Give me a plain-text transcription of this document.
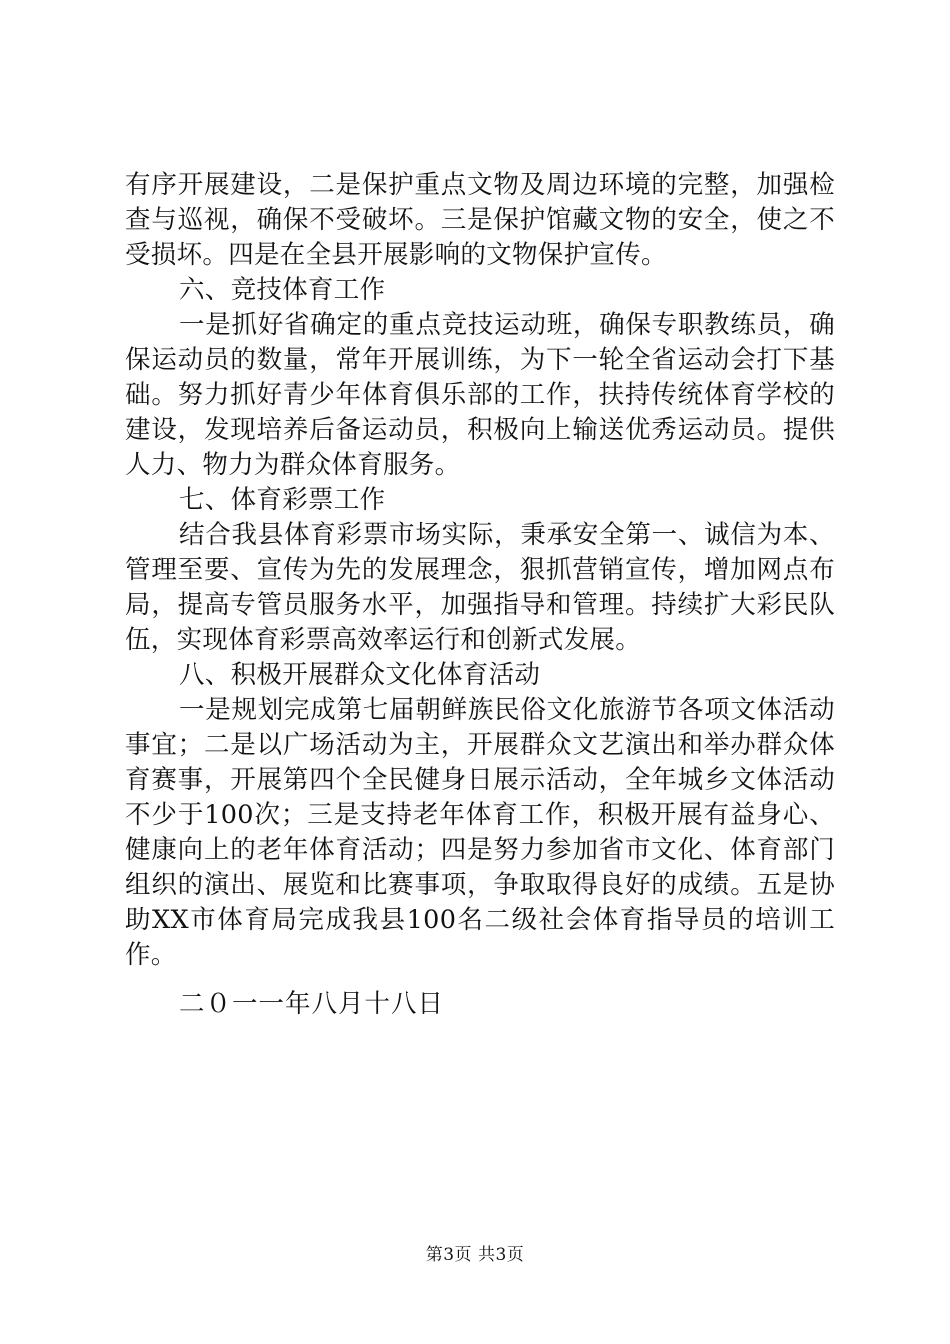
有序开展建设，二是保护重点文物及周边环境的完整，加强检查与巡视，确保不受破坏。三是保护馆藏文物的安全，使之不受损坏。四是在全县开展影响的文物保护宣传。

六、竞技体育工作

一是抓好省确定的重点竞技运动班，确保专职教练员，确保运动员的数量，常年开展训练，为下一轮全省运动会打下基础。努力抓好青少年体育俱乐部的工作，扶持传统体育学校的建设，发现培养后备运动员，积极向上输送优秀运动员。提供人力、物力为群众体育服务。

七、体育彩票工作

结合我县体育彩票市场实际，秉承安全第一、诚信为本、管理至要、宣传为先的发展理念，狠抓营销宣传，增加网点布局，提高专管员服务水平，加强指导和管理。持续扩大彩民队伍，实现体育彩票高效率运行和创新式发展。

八、积极开展群众文化体育活动

一是规划完成第七届朝鲜族民俗文化旅游节各项文体活动事宜；二是以广场活动为主，开展群众文艺演出和举办群众体育赛事，开展第四个全民健身日展示活动，全年城乡文体活动不少于100次；三是支持老年体育工作，积极开展有益身心、健康向上的老年体育活动；四是努力参加省市文化、体育部门组织的演出、展览和比赛事项，争取取得良好的成绩。五是协助XX市体育局完成我县100名二级社会体育指导员的培训工作。

二０一一年八月十八日

第3页 共3页
